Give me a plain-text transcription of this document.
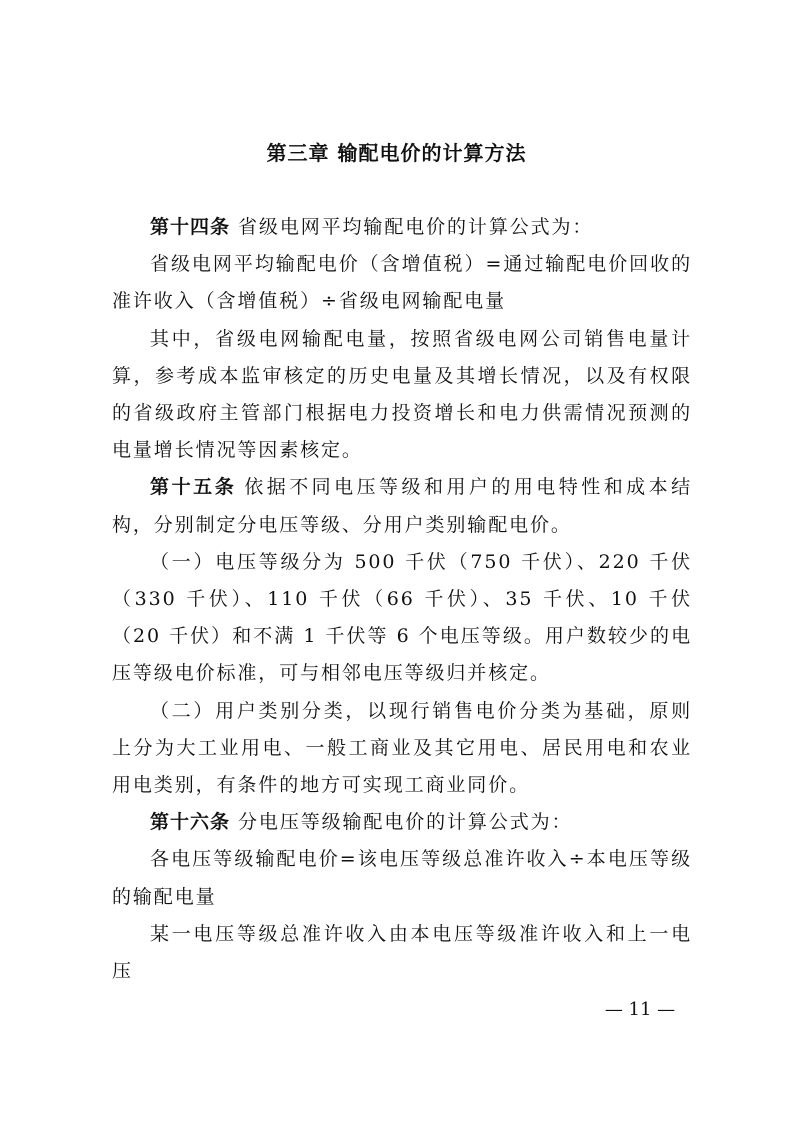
第三章 输配电价的计算方法

第十四条 省级电网平均输配电价的计算公式为：

省级电网平均输配电价（含增值税）=通过输配电价回收的准许收入（含增值税）÷省级电网输配电量

其中，省级电网输配电量，按照省级电网公司销售电量计算，参考成本监审核定的历史电量及其增长情况，以及有权限的省级政府主管部门根据电力投资增长和电力供需情况预测的电量增长情况等因素核定。

第十五条 依据不同电压等级和用户的用电特性和成本结构，分别制定分电压等级、分用户类别输配电价。

（一）电压等级分为 500 千伏（750 千伏）、220 千伏（330 千伏）、110 千伏（66 千伏）、35 千伏、10 千伏（20 千伏）和不满 1 千伏等 6 个电压等级。用户数较少的电压等级电价标准，可与相邻电压等级归并核定。

（二）用户类别分类，以现行销售电价分类为基础，原则上分为大工业用电、一般工商业及其它用电、居民用电和农业用电类别，有条件的地方可实现工商业同价。

第十六条 分电压等级输配电价的计算公式为：

各电压等级输配电价=该电压等级总准许收入÷本电压等级的输配电量

某一电压等级总准许收入由本电压等级准许收入和上一电压

— 11 —
